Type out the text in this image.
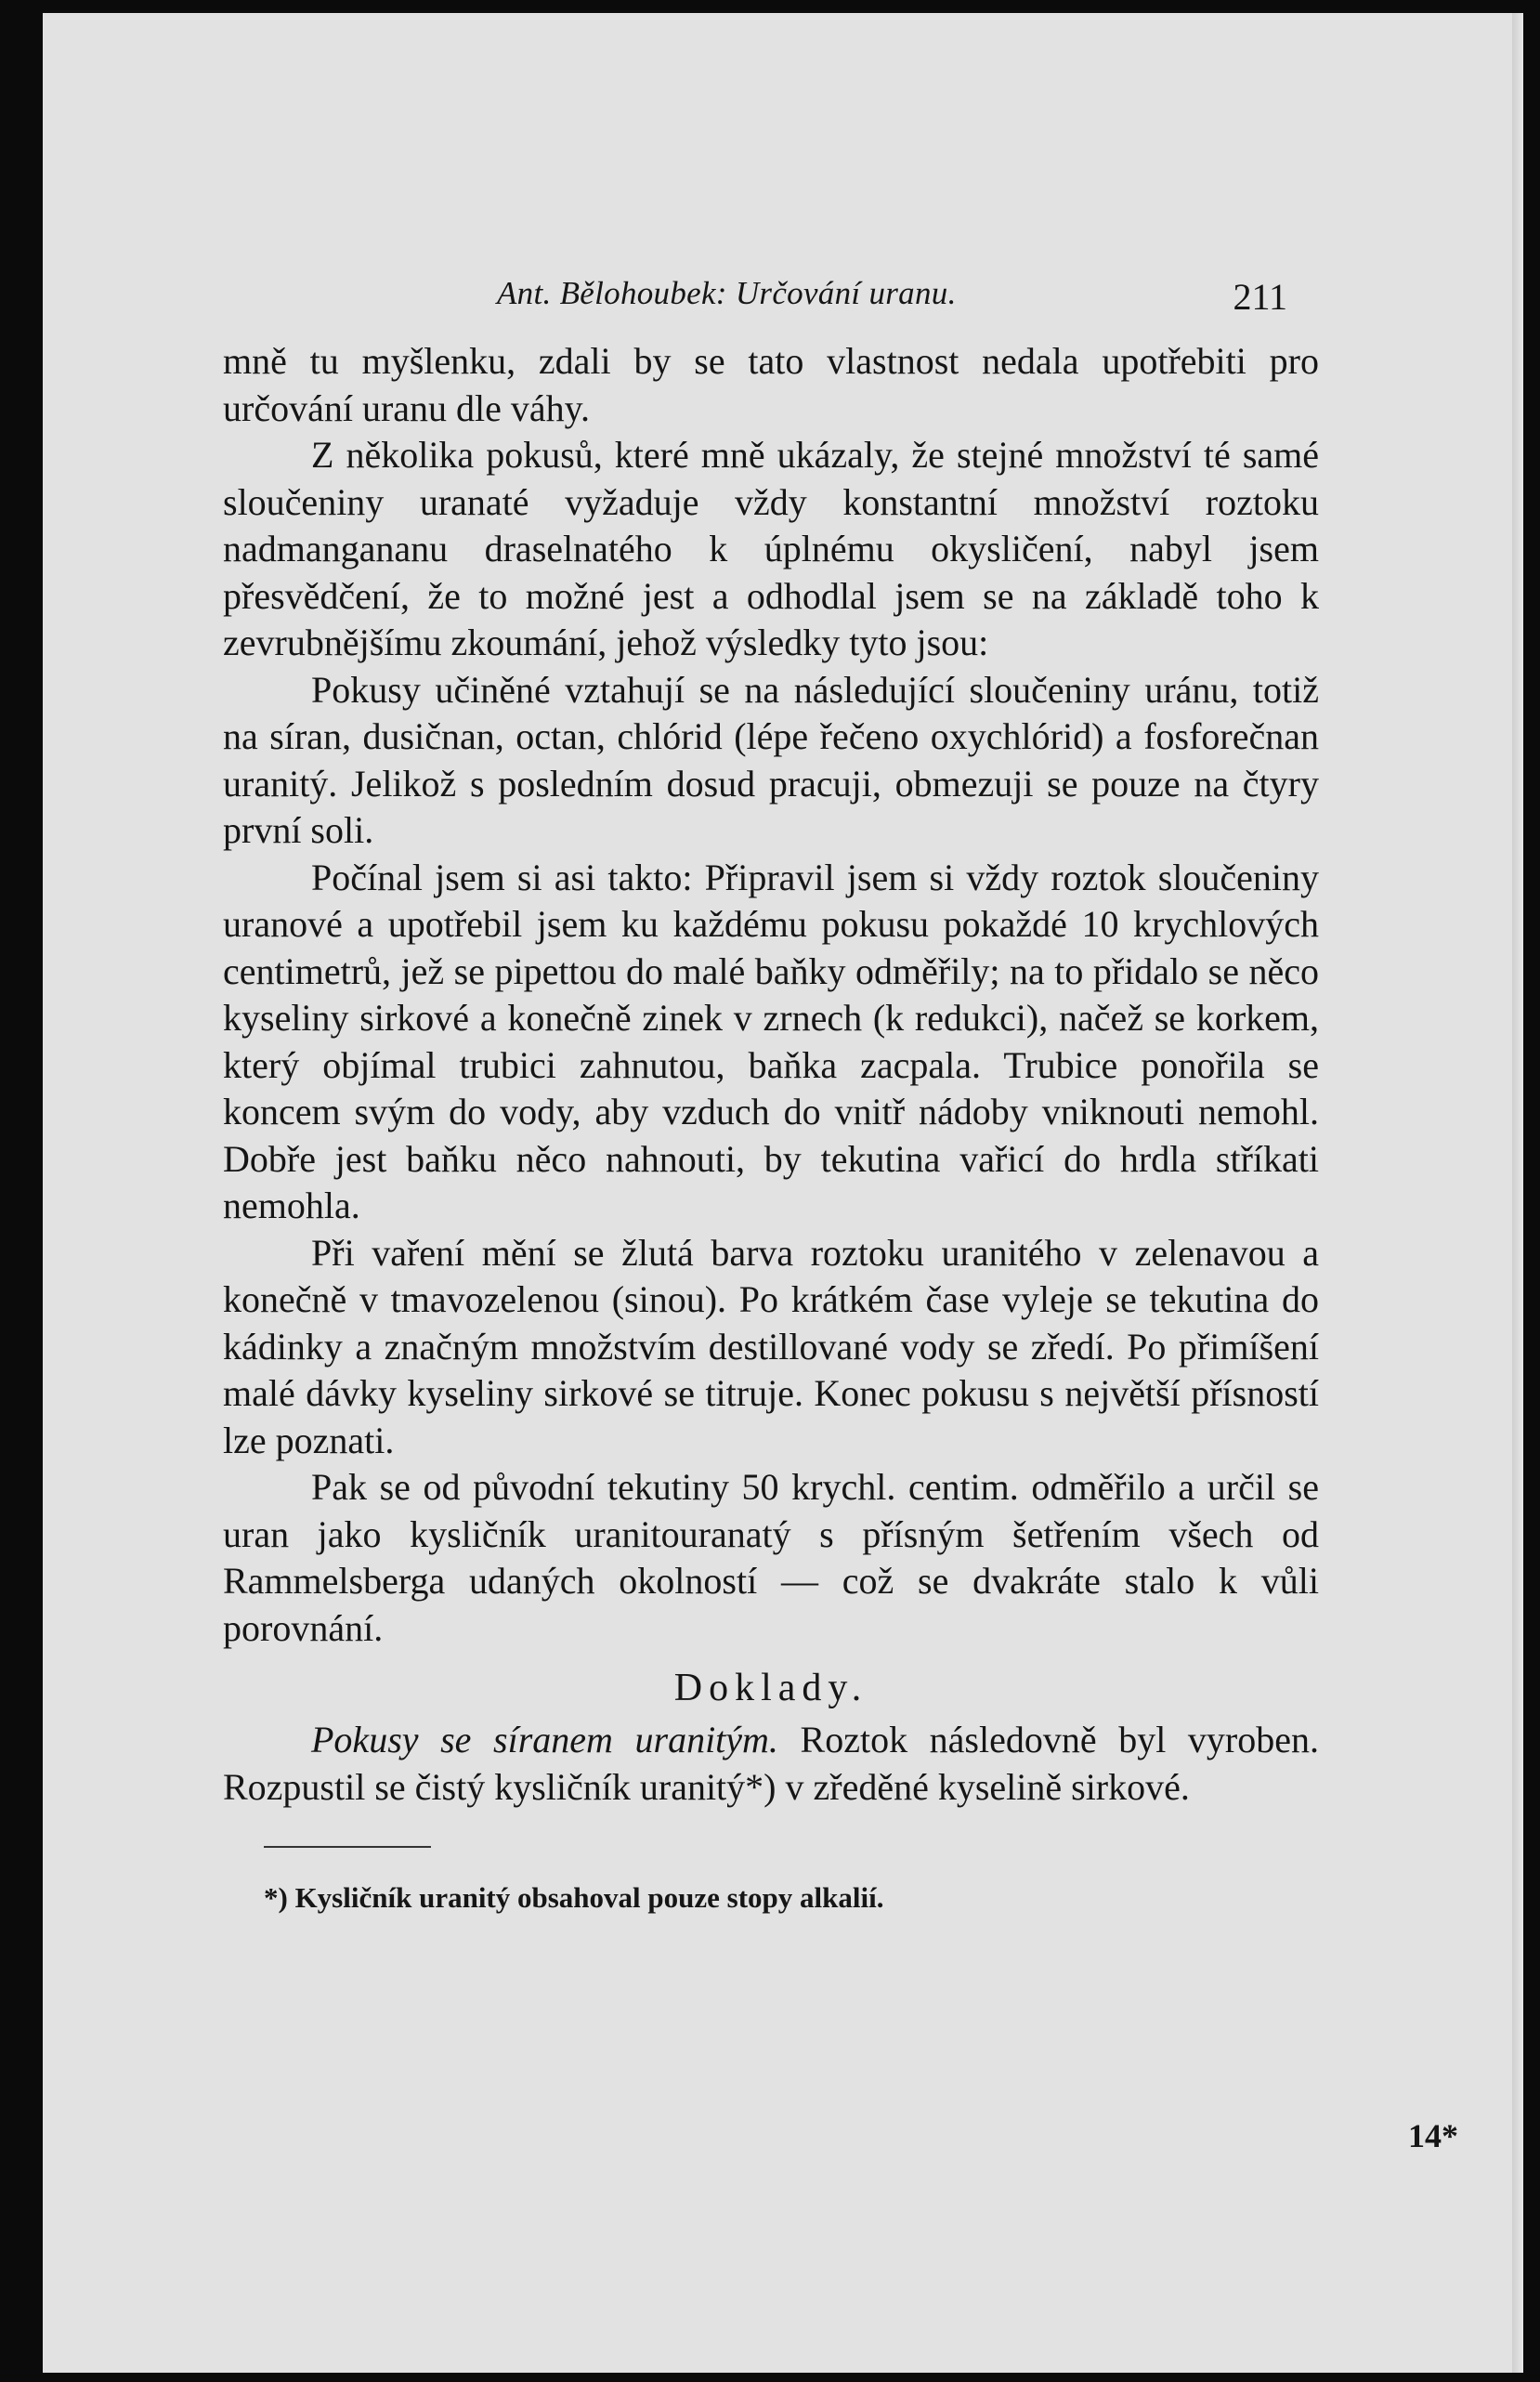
Ant. Bělohoubek: Určování uranu.	211

mně tu myšlenku, zdali by se tato vlastnost nedala upotřebiti pro určování uranu dle váhy.

Z několika pokusů, které mně ukázaly, že stejné množství té samé sloučeniny uranaté vyžaduje vždy konstantní množství roztoku nadmangananu draselnatého k úplnému okysličení, nabyl jsem přesvědčení, že to možné jest a odhodlal jsem se na základě toho k zevrubnějšímu zkoumání, jehož výsledky tyto jsou:

Pokusy učiněné vztahují se na následující sloučeniny uránu, totiž na síran, dusičnan, octan, chlórid (lépe řečeno oxychlórid) a fosforečnan uranitý. Jelikož s posledním dosud pracuji, obmezuji se pouze na čtyry první soli.

Počínal jsem si asi takto: Připravil jsem si vždy roztok sloučeniny uranové a upotřebil jsem ku každému pokusu pokaždé 10 krychlových centimetrů, jež se pipettou do malé baňky odměřily; na to přidalo se něco kyseliny sirkové a konečně zinek v zrnech (k redukci), načež se korkem, který objímal trubici zahnutou, baňka zacpala. Trubice ponořila se koncem svým do vody, aby vzduch do vnitř nádoby vniknouti nemohl. Dobře jest baňku něco nahnouti, by tekutina vařicí do hrdla stříkati nemohla.

Při vaření mění se žlutá barva roztoku uranitého v zelenavou a konečně v tmavozelenou (sinou). Po krátkém čase vyleje se tekutina do kádinky a značným množstvím destillované vody se zředí. Po přimíšení malé dávky kyseliny sirkové se titruje. Konec pokusu s největší přísností lze poznati.

Pak se od původní tekutiny 50 krychl. centim. odměřilo a určil se uran jako kysličník uranitouranatý s přísným šetřením všech od Rammelsberga udaných okolností — což se dvakráte stalo k vůli porovnání.

Doklady.

Pokusy se síranem uranitým. Roztok následovně byl vyroben. Rozpustil se čistý kysličník uranitý*) v zředěné kyselině sirkové.

*) Kysličník uranitý obsahoval pouze stopy alkalií.
14*
